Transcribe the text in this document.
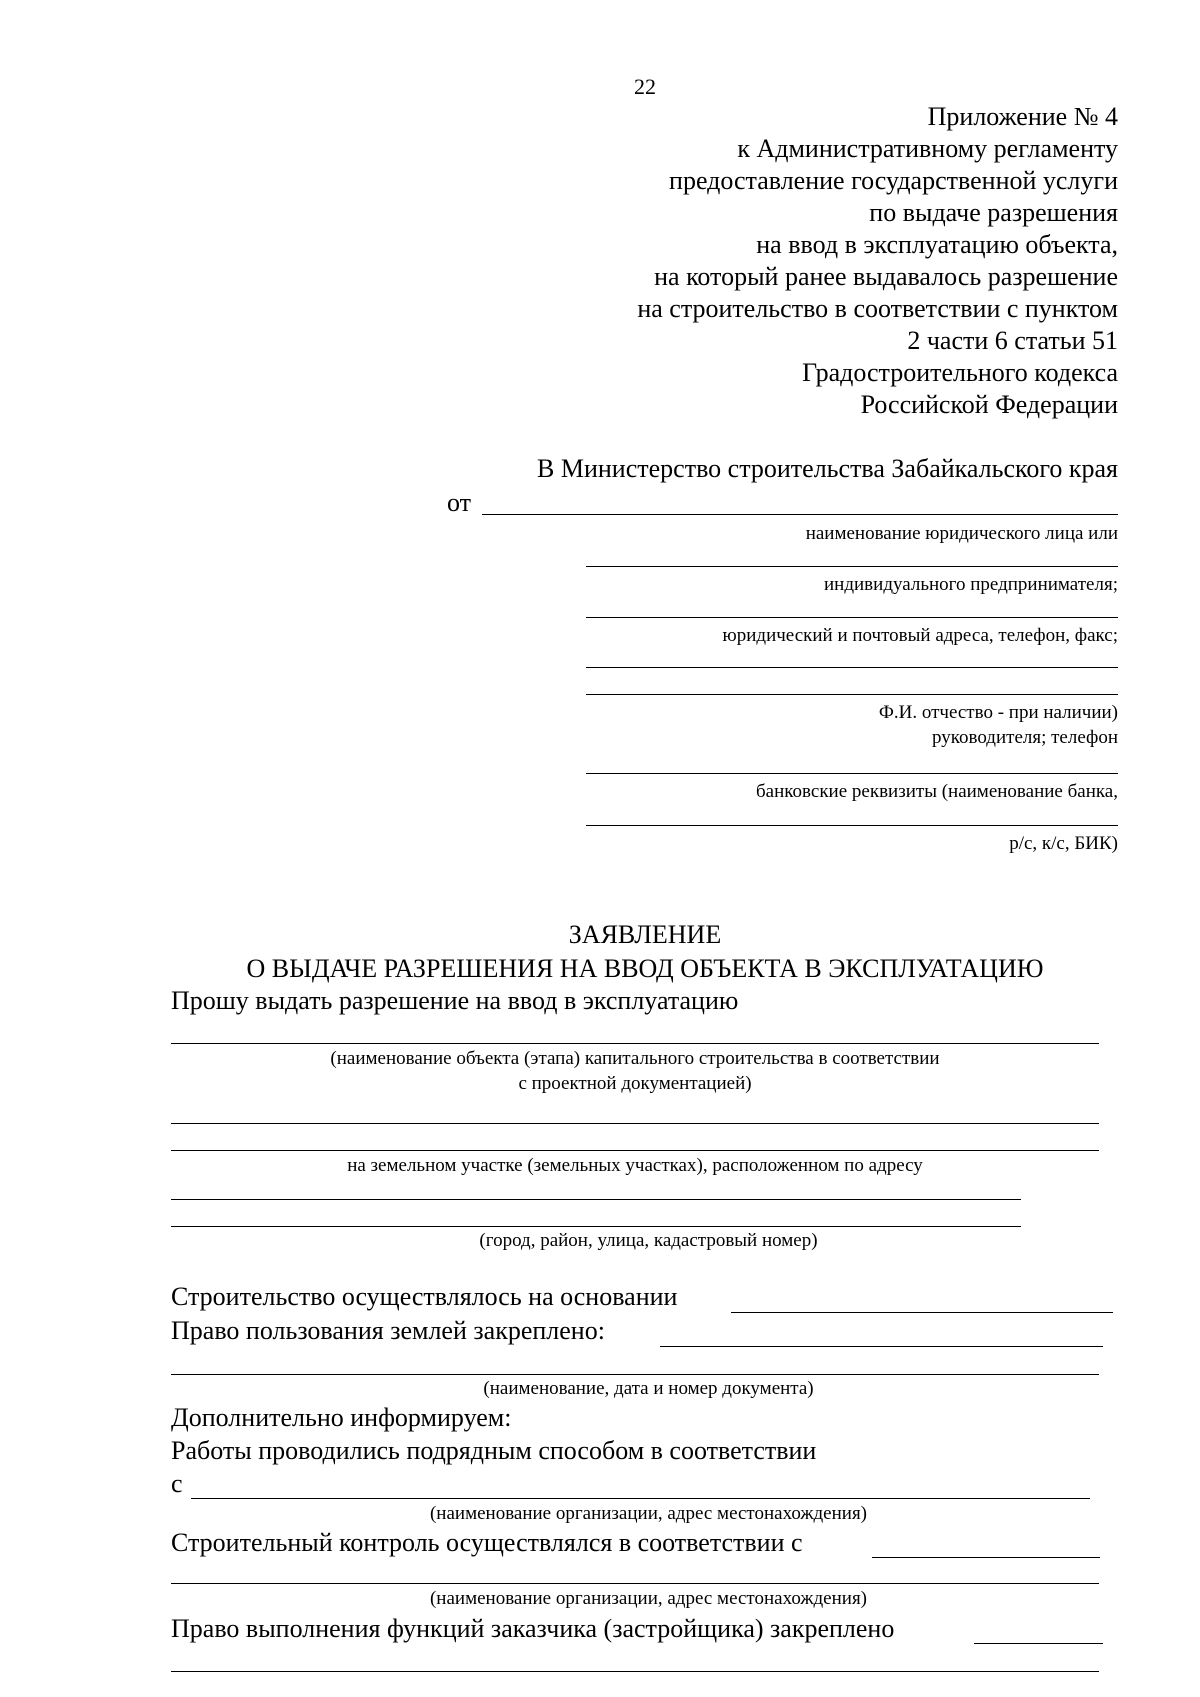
22
Приложение № 4
к Административному регламенту
предоставление государственной услуги
по выдаче разрешения
на ввод в эксплуатацию объекта,
на который ранее выдавалось разрешение
на строительство в соответствии с пунктом
2 части 6 статьи 51
Градостроительного кодекса
Российской Федерации
В Министерство строительства Забайкальского края
от
наименование юридического лица или
индивидуального предпринимателя;
юридический и почтовый адреса, телефон, факс;
Ф.И. отчество - при наличии)
руководителя; телефон
банковские реквизиты (наименование банка,
р/с, к/с, БИК)
ЗАЯВЛЕНИЕ
О ВЫДАЧЕ РАЗРЕШЕНИЯ НА ВВОД ОБЪЕКТА В ЭКСПЛУАТАЦИЮ
Прошу выдать разрешение на ввод в эксплуатацию
(наименование объекта (этапа) капитального строительства в соответствии
с проектной документацией)
на земельном участке (земельных участках), расположенном по адресу
(город, район, улица, кадастровый номер)
Строительство осуществлялось на основании
Право пользования землей закреплено:
(наименование, дата и номер документа)
Дополнительно информируем:
Работы проводились подрядным способом в соответствии
с
(наименование организации, адрес местонахождения)
Строительный контроль осуществлялся в соответствии с
(наименование организации, адрес местонахождения)
Право выполнения функций заказчика (застройщика) закреплено
